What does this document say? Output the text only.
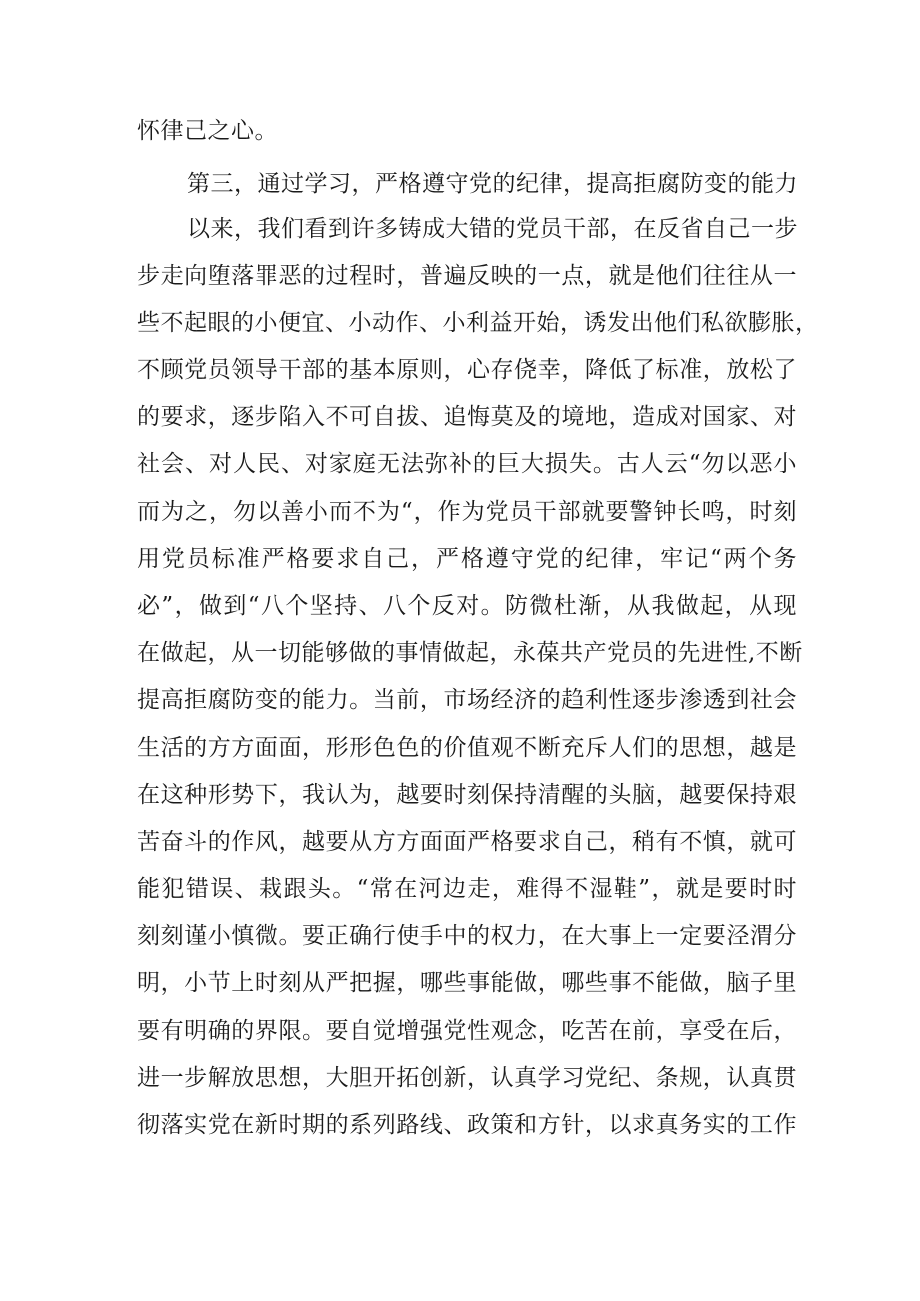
怀律己之心。
第三，通过学习，严格遵守党的纪律，提高拒腐防变的能力
以来，我们看到许多铸成大错的党员干部，在反省自己一步
步走向堕落罪恶的过程时，普遍反映的一点，就是他们往往从一
些不起眼的小便宜、小动作、小利益开始，诱发出他们私欲膨胀，
不顾党员领导干部的基本原则，心存侥幸，降低了标准，放松了
的要求，逐步陷入不可自拔、追悔莫及的境地，造成对国家、对
社会、对人民、对家庭无法弥补的巨大损失。古人云“勿以恶小
而为之，勿以善小而不为“，作为党员干部就要警钟长鸣，时刻
用党员标准严格要求自己，严格遵守党的纪律，牢记“两个务
必”，做到“八个坚持、八个反对。防微杜渐，从我做起，从现
在做起，从一切能够做的事情做起，永葆共产党员的先进性,不断
提高拒腐防变的能力。当前，市场经济的趋利性逐步渗透到社会
生活的方方面面，形形色色的价值观不断充斥人们的思想，越是
在这种形势下，我认为，越要时刻保持清醒的头脑，越要保持艰
苦奋斗的作风，越要从方方面面严格要求自己，稍有不慎，就可
能犯错误、栽跟头。“常在河边走，难得不湿鞋”，就是要时时
刻刻谨小慎微。要正确行使手中的权力，在大事上一定要泾渭分
明，小节上时刻从严把握，哪些事能做，哪些事不能做，脑子里
要有明确的界限。要自觉增强党性观念，吃苦在前，享受在后，
进一步解放思想，大胆开拓创新，认真学习党纪、条规，认真贯
彻落实党在新时期的系列路线、政策和方针，以求真务实的工作
